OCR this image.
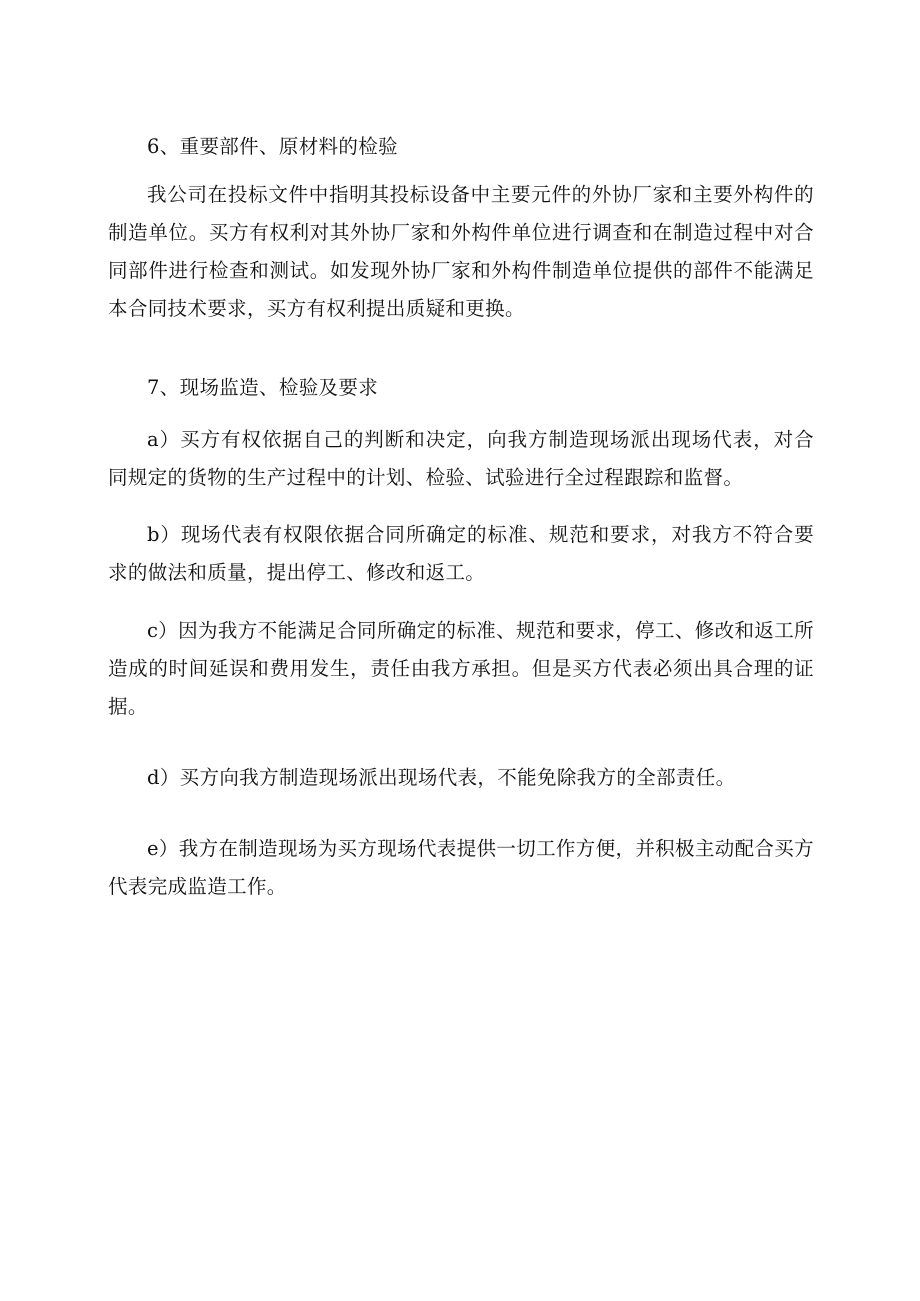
6、重要部件、原材料的检验

我公司在投标文件中指明其投标设备中主要元件的外协厂家和主要外构件的制造单位。买方有权利对其外协厂家和外构件单位进行调查和在制造过程中对合同部件进行检查和测试。如发现外协厂家和外构件制造单位提供的部件不能满足本合同技术要求，买方有权利提出质疑和更换。

7、现场监造、检验及要求

a）买方有权依据自己的判断和决定，向我方制造现场派出现场代表，对合同规定的货物的生产过程中的计划、检验、试验进行全过程跟踪和监督。

b）现场代表有权限依据合同所确定的标准、规范和要求，对我方不符合要求的做法和质量，提出停工、修改和返工。

c）因为我方不能满足合同所确定的标准、规范和要求，停工、修改和返工所造成的时间延误和费用发生，责任由我方承担。但是买方代表必须出具合理的证据。

d）买方向我方制造现场派出现场代表，不能免除我方的全部责任。

e）我方在制造现场为买方现场代表提供一切工作方便，并积极主动配合买方代表完成监造工作。
